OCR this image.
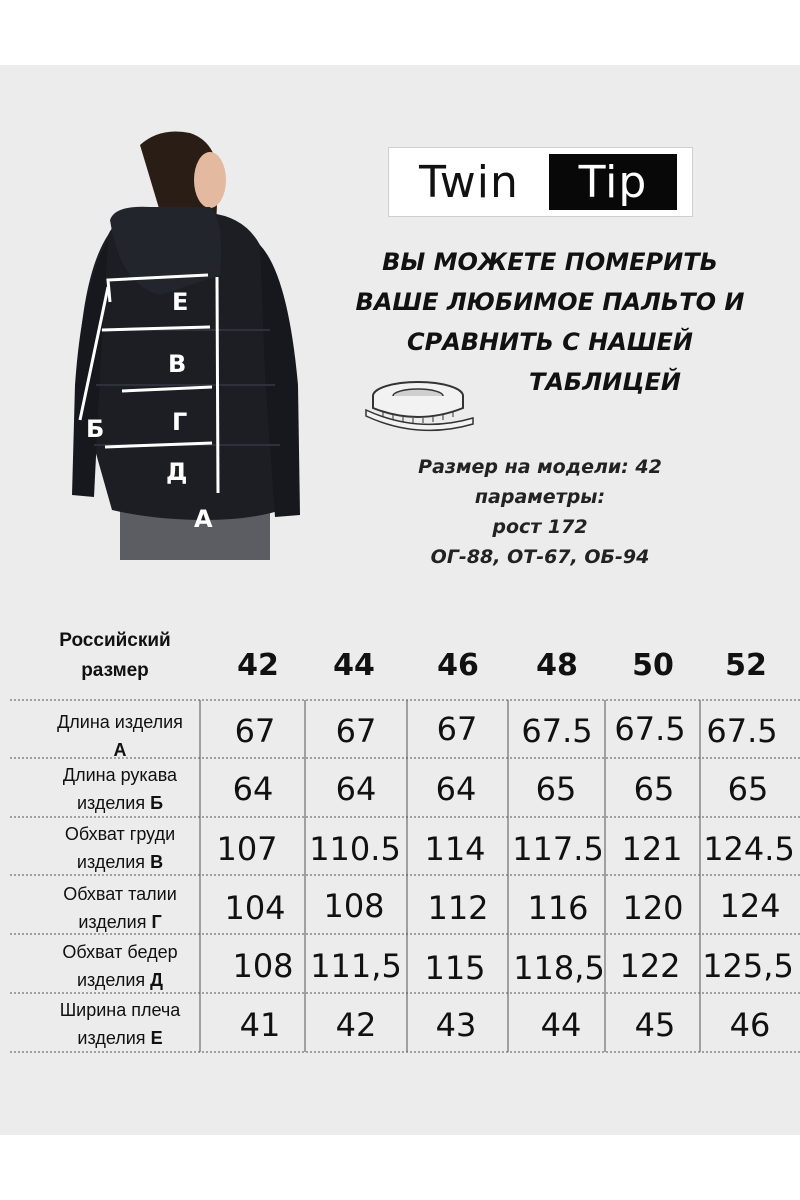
Е
В
Б	Г
Д
А
Twin	Tip
ВЫ МОЖЕТЕ ПОМЕРИТЬ
ВАШЕ ЛЮБИМОЕ ПАЛЬТО И
СРАВНИТЬ С НАШЕЙ
ТАБЛИЦЕЙ
Размер на модели: 42
параметры:
рост 172
ОГ-88, ОТ-67, ОБ-94
Российский
размер	42	44	46	48	50	52
Длина изделия
А	67	67	67	67.5 67.5 67.5
Длина рукава
изделия Б	64	64	64	65	65	65
Обхват груди
изделия В	107 110.5 114 117.5 121 124.5
Обхват талии
изделия Г	104	108	112	116	120	124
Обхват бедер
изделия Д	108 111,5 115 118,5 122 125,5
Ширина плеча
изделия Е	41	42	43	44	45	46
